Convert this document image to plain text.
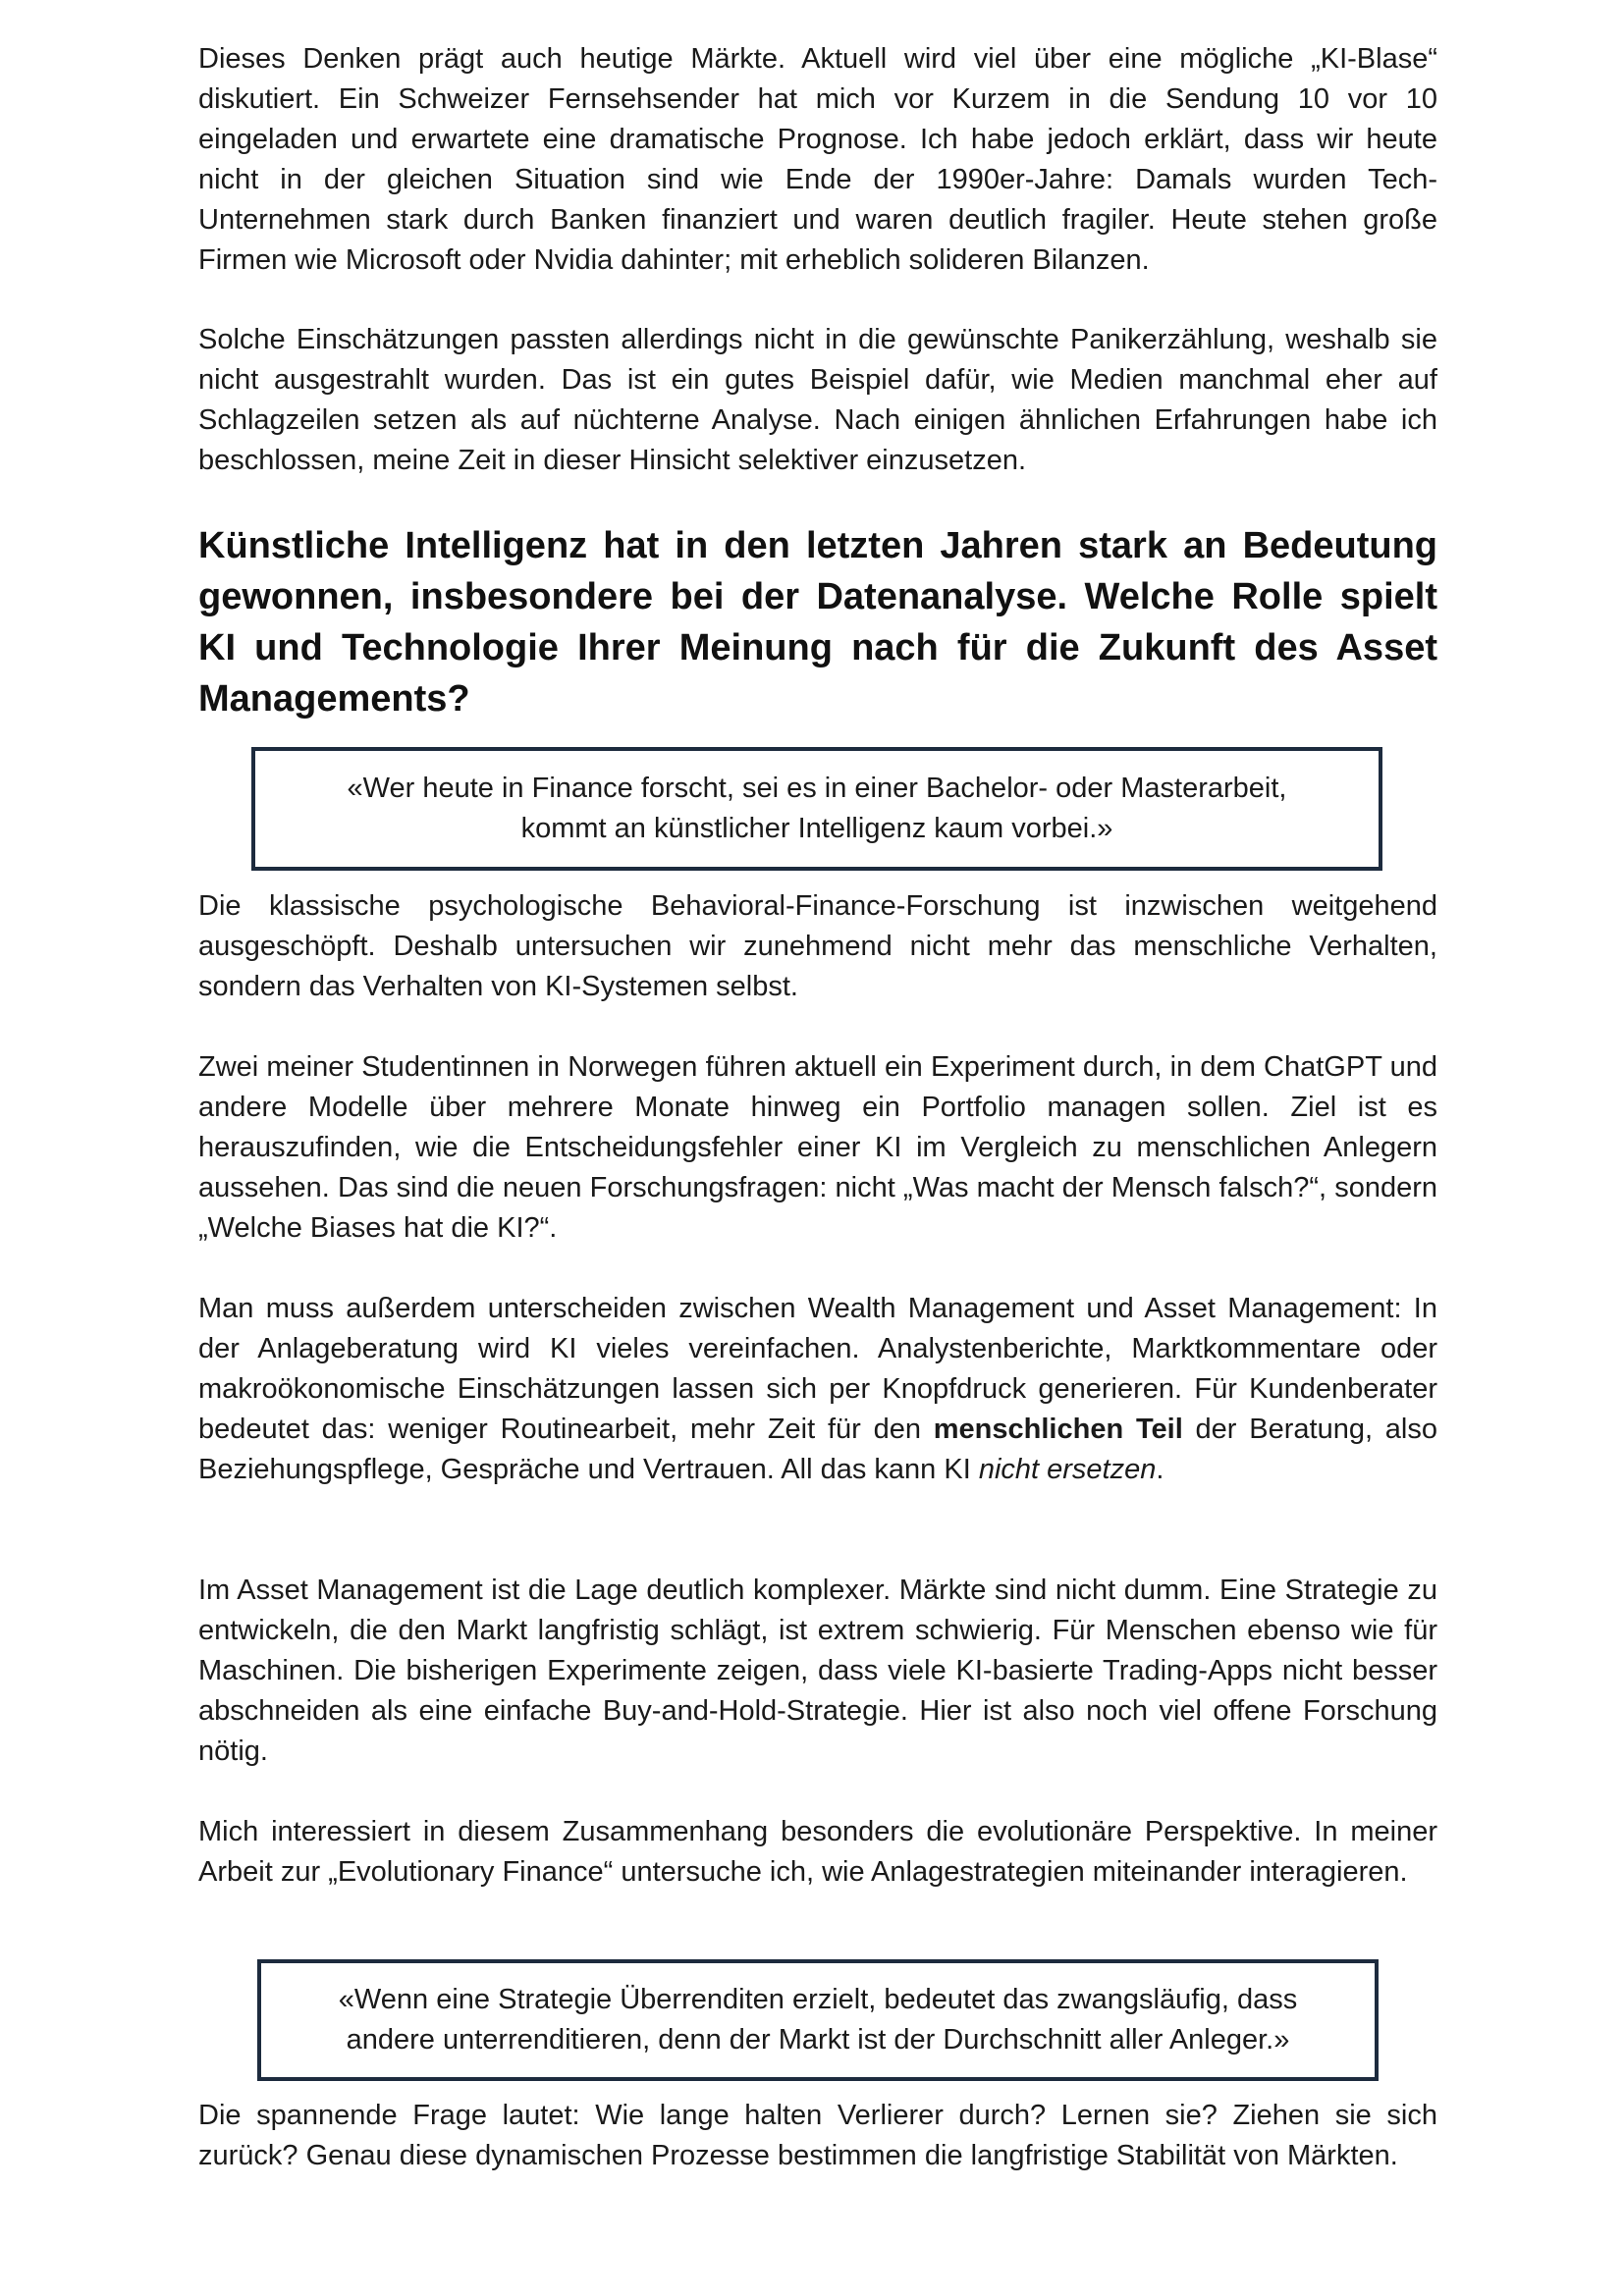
Dieses Denken prägt auch heutige Märkte. Aktuell wird viel über eine mögliche „KI-Blase“ diskutiert. Ein Schweizer Fernsehsender hat mich vor Kurzem in die Sendung 10 vor 10 eingeladen und erwartete eine dramatische Prognose. Ich habe jedoch erklärt, dass wir heute nicht in der gleichen Situation sind wie Ende der 1990er-Jahre: Damals wurden Tech-Unternehmen stark durch Banken finanziert und waren deutlich fragiler. Heute stehen große Firmen wie Microsoft oder Nvidia dahinter; mit erheblich solideren Bilanzen.

Solche Einschätzungen passten allerdings nicht in die gewünschte Panikerzählung, weshalb sie nicht ausgestrahlt wurden. Das ist ein gutes Beispiel dafür, wie Medien manchmal eher auf Schlagzeilen setzen als auf nüchterne Analyse. Nach einigen ähnlichen Erfahrungen habe ich beschlossen, meine Zeit in dieser Hinsicht selektiver einzusetzen.

Künstliche Intelligenz hat in den letzten Jahren stark an Bedeutung gewonnen, insbesondere bei der Datenanalyse. Welche Rolle spielt KI und Technologie Ihrer Meinung nach für die Zukunft des Asset Managements?

«Wer heute in Finance forscht, sei es in einer Bachelor- oder Masterarbeit,
kommt an künstlicher Intelligenz kaum vorbei.»

Die klassische psychologische Behavioral-Finance-Forschung ist inzwischen weitgehend ausgeschöpft. Deshalb untersuchen wir zunehmend nicht mehr das menschliche Verhalten, sondern das Verhalten von KI-Systemen selbst.

Zwei meiner Studentinnen in Norwegen führen aktuell ein Experiment durch, in dem ChatGPT und andere Modelle über mehrere Monate hinweg ein Portfolio managen sollen. Ziel ist es herauszufinden, wie die Entscheidungsfehler einer KI im Vergleich zu menschlichen Anlegern aussehen. Das sind die neuen Forschungsfragen: nicht „Was macht der Mensch falsch?“, sondern „Welche Biases hat die KI?“.

Man muss außerdem unterscheiden zwischen Wealth Management und Asset Management: In der Anlageberatung wird KI vieles vereinfachen. Analystenberichte, Marktkommentare oder makroökonomische Einschätzungen lassen sich per Knopfdruck generieren. Für Kundenberater bedeutet das: weniger Routinearbeit, mehr Zeit für den menschlichen Teil der Beratung, also Beziehungspflege, Gespräche und Vertrauen. All das kann KI nicht ersetzen.

Im Asset Management ist die Lage deutlich komplexer. Märkte sind nicht dumm. Eine Strategie zu entwickeln, die den Markt langfristig schlägt, ist extrem schwierig. Für Menschen ebenso wie für Maschinen. Die bisherigen Experimente zeigen, dass viele KI-basierte Trading-Apps nicht besser abschneiden als eine einfache Buy-and-Hold-Strategie. Hier ist also noch viel offene Forschung nötig.

Mich interessiert in diesem Zusammenhang besonders die evolutionäre Perspektive. In meiner Arbeit zur „Evolutionary Finance“ untersuche ich, wie Anlagestrategien miteinander interagieren.

«Wenn eine Strategie Überrenditen erzielt, bedeutet das zwangsläufig, dass
andere unterrenditieren, denn der Markt ist der Durchschnitt aller Anleger.»

Die spannende Frage lautet: Wie lange halten Verlierer durch? Lernen sie? Ziehen sie sich zurück? Genau diese dynamischen Prozesse bestimmen die langfristige Stabilität von Märkten.
